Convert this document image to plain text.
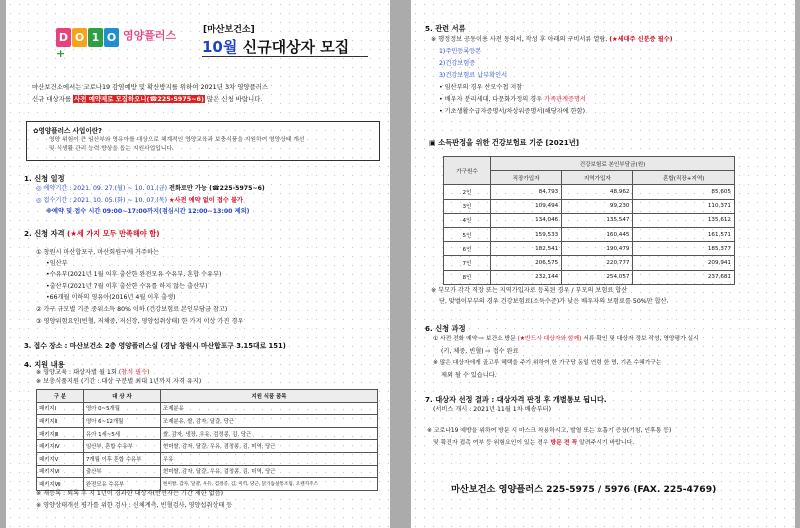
D O 1 O $^{영양플러스+}$
[마산보건소]
10월 신규대상자 모집
마산보건소에서는 코로나19 감염예방 및 확산방지를 위하여 2021년 3차 영양플러스
신규 대상자를 사전 예약제로 모집하오니(☎225-5975~6) 많은 신청 바랍니다.
✿영양플러스 사업이란?
영양 위험이 큰 임산부와 영유아를 대상으로 체계적인 영양교육과 보충식품을 지원하여 영양상태 개선
및 식생활 관리 능력 향상을 돕는 지원사업입니다.
1. 신청 일정
◎ 예약기간 : 2021. 09. 27.(월) ~ 10. 01.(금) 전화로만 가능 (☎225-5975~6)
◎ 접수기간 : 2021. 10. 05.(화) ~ 10. 07.(목) ★사전 예약 없이 접수 불가
※예약 및 접수 시간 09:00~17:00까지(점심시간 12:00~13:00 제외)
2. 신청 자격 (★세 가지 모두 만족해야 함)
① 창원시 마산합포구, 마산회원구에 거주하는
•임산부
•수유부(2021년 1월 이후 출산한 완전모유 수유부, 혼합 수유부)
•출산부(2021년 7월 이후 출산한 수유를 하지 않는 출산부)
•66개월 이하의 영유아(2016년 4월 이후 출생)
② 가구 규모별 기준 중위소득 80% 이하 (건강보험료 본인부담금 참고)
③ 영양위험요인(빈혈, 저체중, 저신장, 영양섭취상태) 한 가지 이상 가진 경우
3. 접수 장소 : 마산보건소 2층 영양플러스실 (경남 창원시 마산합포구 3.15대로 151)
4. 지원 내용
※ 영양교육 : 대상자별 월 1회 (참석 필수)
※ 보충식품지원 (기간 : 대상 구분별 최대 1년까지 자격 유지)
구 분	대 상 자	지원 식품 품목
패키지Ⅰ	영아 0~5개월	조제분유
패키지Ⅱ	영아 6~12개월	조제분유, 쌀, 감자, 달걀, 당근
패키지Ⅲ	유아 1세~5세	쌀, 감자, 냉장, 우유, 검정콩, 김, 당근
패키지Ⅳ	임산부, 혼합 수유부	현미쌀, 감자, 달걀, 우유, 검정콩, 김, 미역, 당근
패키지Ⅴ	7개월 이후 혼합 수유부	우유
패키지Ⅵ	출산부	현미쌀, 감자, 달걀, 우유, 검정콩, 김, 미역, 당근
패키지Ⅶ	완전모유 수유부	현미쌀, 감자, 달걀, 우유, 검정콩, 김, 미역, 당근, 닭가슴살통조림, 오렌지주스
※ 재등록 : 퇴록 후 지 1년이 경과한 대상자(반선자는 기간 제한 없음)
※ 영양상태개선 평가를 위한 검사 : 신체계측, 빈혈검사, 영양섭취상태 등
5. 관련 서류
※ 행정정보 공동이용 사전 동의서, 작성 후 아래의 구비서류 열람, (★세대주 신분증 필수)
1)주민등록등본
2)건강보험증
3)건강보험료 납부확인서
• 임산부의 경우 산모수첩 지참
• 배우자 분리세대, 다문화가정의 경우 가족관계증명서
• 기초생활수급자증명서/차상위증명서(해당자에 한함)
▣ 소득판정을 위한 건강보험료 기준 [2021년]
가구원수	건강보험료 본인부담금(원)		
	직장가입자	지역가입자	혼합(직장+지역)
2인	84,793	48,962	85,605
3인	109,494	99,230	110,371
4인	134,046	135,547	135,612
5인	159,533	160,445	161,571
6인	182,541	190,479	185,377
7인	206,575	220,777	209,941
8인	232,144	254,057	237,681
※ 부모가 각각 직장 또는 지역가입자로 등록된 경우 / 부모의 보험료 합산
단, 맞벌이부부의 경우 건강보험료(소득수준)가 낮은 배우자의 보험료를 50%만 합산.
6. 신청 과정
① 사전 전화 예약 ⇨ 보건소 방문 (★반드시 대상자와 함께) 서류 확인 및 대상자 정보 작성, 영양평가 실시
(키, 체중, 빈혈) ⇨ 접수 완료
※ 많은 대상자에게 골고루 혜택을 주기 위하여 한 가구당 동일 연령 한 명, 기존 수혜가구는
제외 될 수 있습니다.
7. 대상자 선정 결과 : 대상자격 판정 후 개별통보 됩니다.
(서비스 개시 : 2021년 11월 1차 배송부터)
※ 코로나19 예방을 위하여 방문 시 마스크 착용하시고, 발열 또는 호흡기 증상(기침, 인후통 등)
및 확진자 접촉 여부 등 위험요인이 있는 경우 방문 전 꼭 알려주시기 바랍니다.
마산보건소 영양플러스 225-5975 / 5976 (FAX. 225-4769)
